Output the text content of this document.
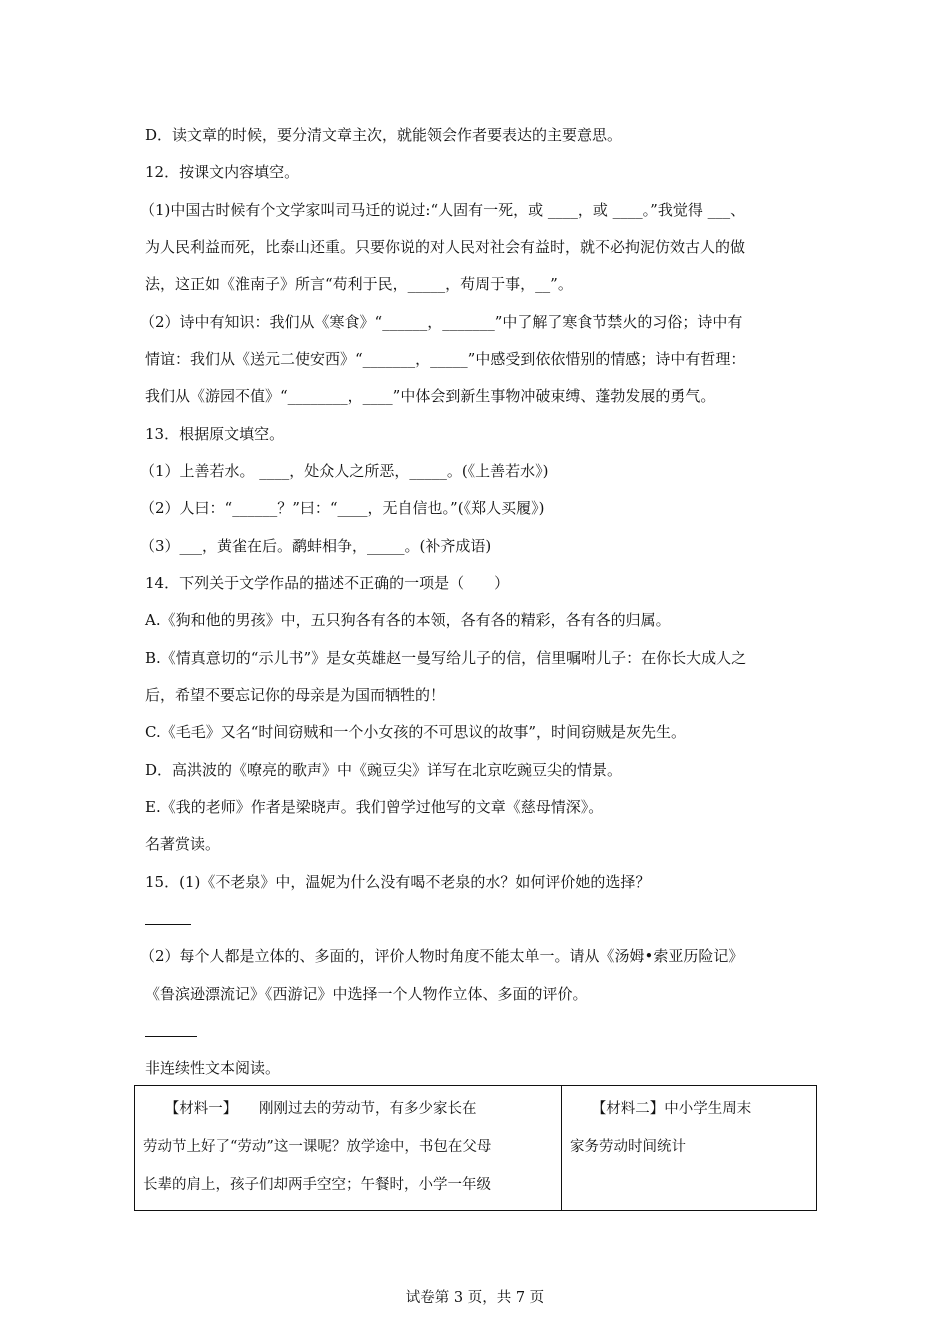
D．读文章的时候，要分清文章主次，就能领会作者要表达的主要意思。
12．按课文内容填空。
（1)中国古时候有个文学家叫司马迁的说过:“人固有一死，或 ____，或 ____。”我觉得 ___、
为人民利益而死，比泰山还重。只要你说的对人民对社会有益时，就不必拘泥仿效古人的做
法，这正如《淮南子》所言“苟利于民，_____，苟周于事，__”。
（2）诗中有知识：我们从《寒食》“______，_______”中了解了寒食节禁火的习俗；诗中有
情谊：我们从《送元二使安西》“_______，_____”中感受到依依惜别的情感；诗中有哲理：
我们从《游园不值》“________，____”中体会到新生事物冲破束缚、蓬勃发展的勇气。
13．根据原文填空。
（1）上善若水。 ____，处众人之所恶，_____。(《上善若水》)
（2）人曰：“______？”曰：“____，无自信也。”(《郑人买履》)
（3）___，黄雀在后。鹬蚌相争，_____。(补齐成语)
14．下列关于文学作品的描述不正确的一项是（　　）
A.《狗和他的男孩》中，五只狗各有各的本领，各有各的精彩，各有各的归属。
B.《情真意切的“示儿书”》是女英雄赵一曼写给儿子的信，信里嘱咐儿子：在你长大成人之
后，希望不要忘记你的母亲是为国而牺牲的！
C.《毛毛》又名“时间窃贼和一个小女孩的不可思议的故事”，时间窃贼是灰先生。
D．高洪波的《嘹亮的歌声》中《豌豆尖》详写在北京吃豌豆尖的情景。
E.《我的老师》作者是梁晓声。我们曾学过他写的文章《慈母情深》。
名著赏读。
15．(1)《不老泉》中，温妮为什么没有喝不老泉的水？如何评价她的选择？
（2）每个人都是立体的、多面的，评价人物时角度不能太单一。请从《汤姆•索亚历险记》
《鲁滨逊漂流记》《西游记》中选择一个人物作立体、多面的评价。
非连续性文本阅读。
　　【材料一】　　刚刚过去的劳动节，有多少家长在
劳动节上好了“劳动”这一课呢？放学途中，书包在父母
长辈的肩上，孩子们却两手空空；午餐时，小学一年级

　　【材料二】中小学生周末
家务劳动时间统计
试卷第 3 页，共 7 页
